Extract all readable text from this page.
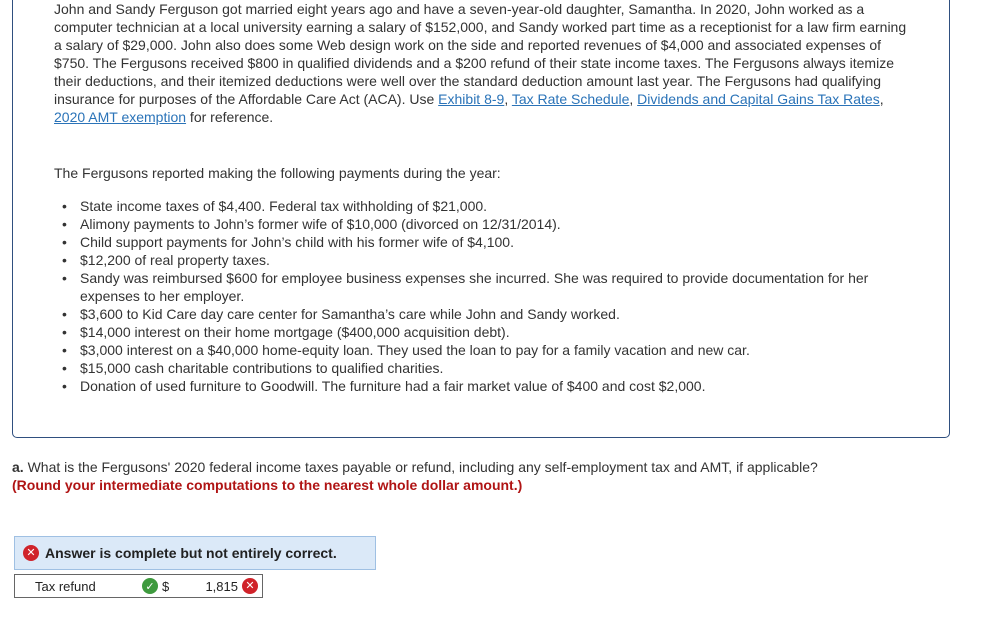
John and Sandy Ferguson got married eight years ago and have a seven-year-old daughter, Samantha. In 2020, John worked as a computer technician at a local university earning a salary of $152,000, and Sandy worked part time as a receptionist for a law firm earning a salary of $29,000. John also does some Web design work on the side and reported revenues of $4,000 and associated expenses of $750. The Fergusons received $800 in qualified dividends and a $200 refund of their state income taxes. The Fergusons always itemize their deductions, and their itemized deductions were well over the standard deduction amount last year. The Fergusons had qualifying insurance for purposes of the Affordable Care Act (ACA). Use Exhibit 8-9, Tax Rate Schedule, Dividends and Capital Gains Tax Rates, 2020 AMT exemption for reference.

The Fergusons reported making the following payments during the year:

• State income taxes of $4,400. Federal tax withholding of $21,000.
• Alimony payments to John’s former wife of $10,000 (divorced on 12/31/2014).
• Child support payments for John’s child with his former wife of $4,100.
• $12,200 of real property taxes.
• Sandy was reimbursed $600 for employee business expenses she incurred. She was required to provide documentation for her expenses to her employer.
• $3,600 to Kid Care day care center for Samantha’s care while John and Sandy worked.
• $14,000 interest on their home mortgage ($400,000 acquisition debt).
• $3,000 interest on a $40,000 home-equity loan. They used the loan to pay for a family vacation and new car.
• $15,000 cash charitable contributions to qualified charities.
• Donation of used furniture to Goodwill. The furniture had a fair market value of $400 and cost $2,000.

a. What is the Fergusons' 2020 federal income taxes payable or refund, including any self-employment tax and AMT, if applicable?
(Round your intermediate computations to the nearest whole dollar amount.)

✕ Answer is complete but not entirely correct.
Tax refund	✓ $	1,815 ✕
